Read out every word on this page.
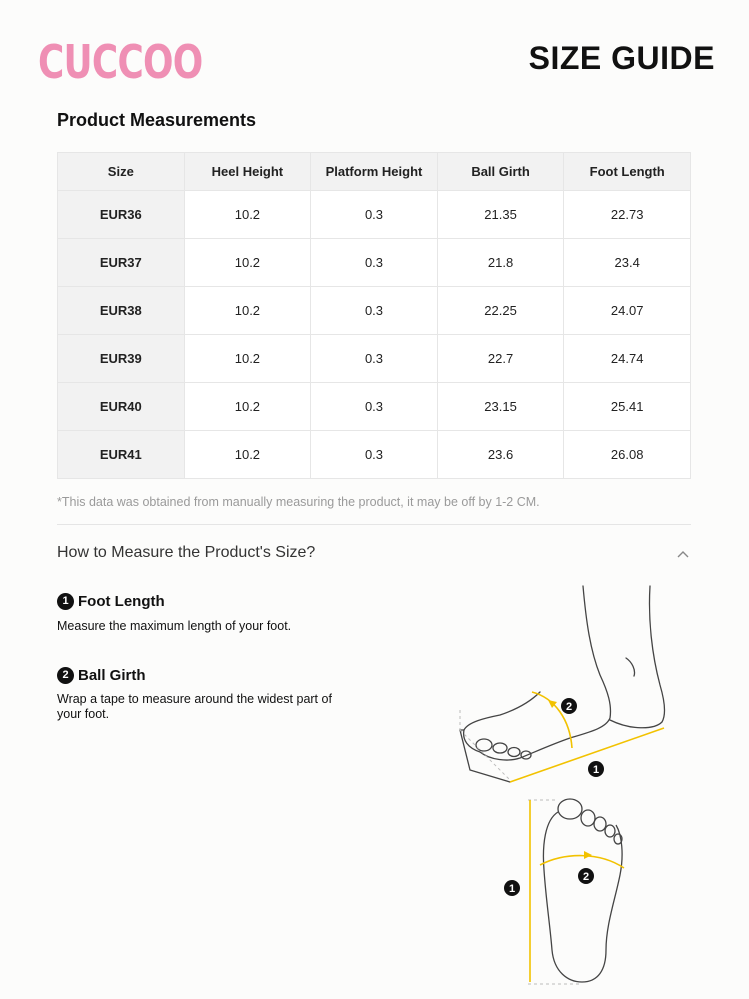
CUCCOO	SIZE GUIDE
Product Measurements
Size	Heel Height	Platform Height	Ball Girth	Foot Length
EUR36	10.2	0.3	21.35	22.73
EUR37	10.2	0.3	21.8	23.4
EUR38	10.2	0.3	22.25	24.07
EUR39	10.2	0.3	22.7	24.74
EUR40	10.2	0.3	23.15	25.41
EUR41	10.2	0.3	23.6	26.08
*This data was obtained from manually measuring the product, it may be off by 1-2 CM.
How to Measure the Product's Size?
1 Foot Length
Measure the maximum length of your foot.
2 Ball Girth
Wrap a tape to measure around the widest part of your foot.	2
1
2
1
